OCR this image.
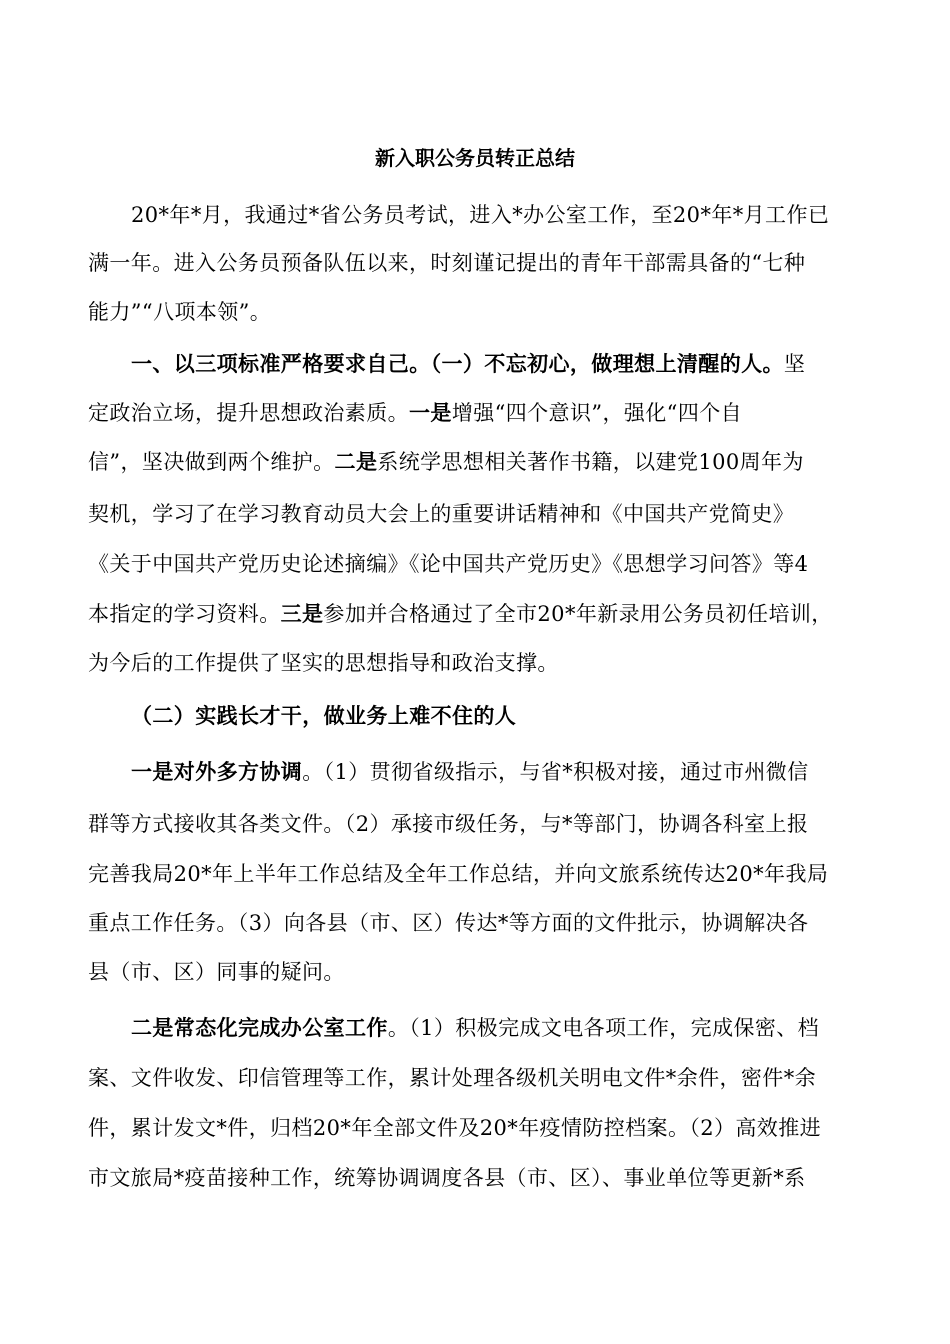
新入职公务员转正总结
20*年*月，我通过*省公务员考试，进入*办公室工作，至20*年*月工作已
满一年。进入公务员预备队伍以来，时刻谨记提出的青年干部需具备的“七种
能力”“八项本领”。
一、以三项标准严格要求自己。（一）不忘初心，做理想上清醒的人。坚
定政治立场，提升思想政治素质。一是增强“四个意识”，强化“四个自
信”，坚决做到两个维护。二是系统学思想相关著作书籍，以建党100周年为
契机，学习了在学习教育动员大会上的重要讲话精神和《中国共产党简史》
《关于中国共产党历史论述摘编》《论中国共产党历史》《思想学习问答》等4
本指定的学习资料。三是参加并合格通过了全市20*年新录用公务员初任培训，
为今后的工作提供了坚实的思想指导和政治支撑。
（二）实践长才干，做业务上难不住的人
一是对外多方协调。（1）贯彻省级指示，与省*积极对接，通过市州微信
群等方式接收其各类文件。（2）承接市级任务，与*等部门，协调各科室上报
完善我局20*年上半年工作总结及全年工作总结，并向文旅系统传达20*年我局
重点工作任务。（3）向各县（市、区）传达*等方面的文件批示，协调解决各
县（市、区）同事的疑问。
二是常态化完成办公室工作。（1）积极完成文电各项工作，完成保密、档
案、文件收发、印信管理等工作，累计处理各级机关明电文件*余件，密件*余
件，累计发文*件，归档20*年全部文件及20*年疫情防控档案。（2）高效推进
市文旅局*疫苗接种工作，统筹协调调度各县（市、区）、事业单位等更新*系
